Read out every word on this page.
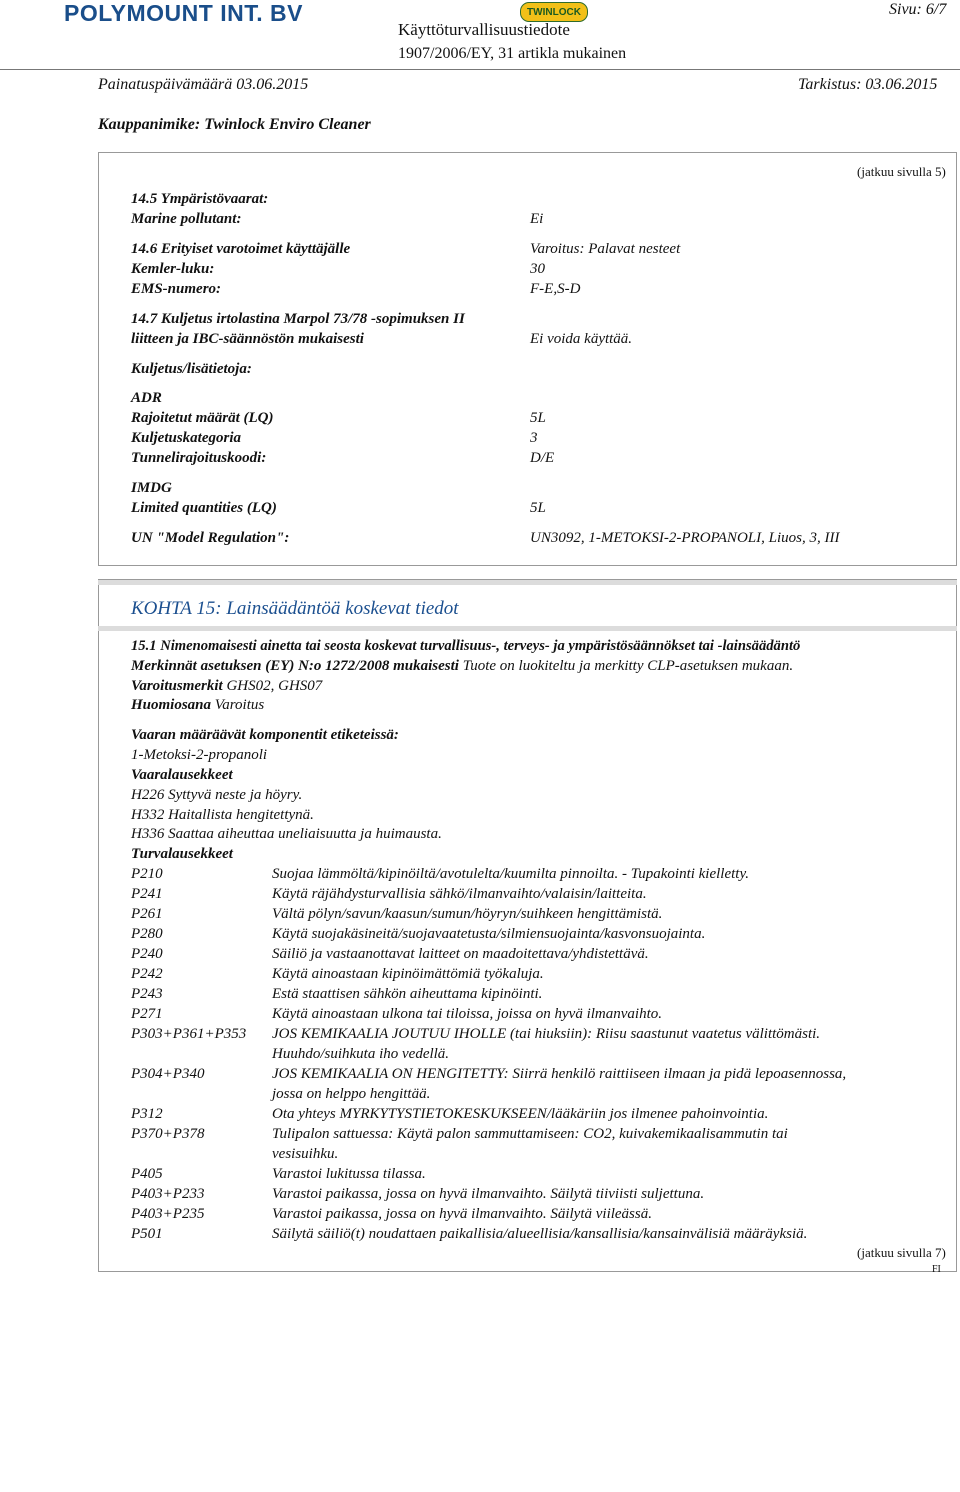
POLYMOUNT INT. BV	TWINLOCK
Käyttöturvallisuustiedote
1907/2006/EY, 31 artikla mukainen
Sivu: 6/7
Painatuspäivämäärä 03.06.2015	Tarkistus: 03.06.2015
Kauppanimike: Twinlock Enviro Cleaner
(jatkuu sivulla 5)
14.5 Ympäristövaarat:
Marine pollutant:	Ei
14.6 Erityiset varotoimet käyttäjälle	Varoitus: Palavat nesteet
Kemler-luku:	30
EMS-numero:	F-E,S-D
14.7 Kuljetus irtolastina Marpol 73/78 -sopimuksen II
liitteen ja IBC-säännöstön mukaisesti	Ei voida käyttää.
Kuljetus/lisätietoja:
ADR
Rajoitetut määrät (LQ)	5L
Kuljetuskategoria	3
Tunnelirajoituskoodi:	D/E
IMDG
Limited quantities (LQ)	5L
UN "Model Regulation":	UN3092, 1-METOKSI-2-PROPANOLI, Liuos, 3, III
KOHTA 15: Lainsäädäntöä koskevat tiedot
15.1 Nimenomaisesti ainetta tai seosta koskevat turvallisuus-, terveys- ja ympäristösäännökset tai -lainsäädäntö
Merkinnät asetuksen (EY) N:o 1272/2008 mukaisesti Tuote on luokiteltu ja merkitty CLP-asetuksen mukaan.
Varoitusmerkit GHS02, GHS07
Huomiosana Varoitus
Vaaran määräävät komponentit etiketeissä:
1-Metoksi-2-propanoli
Vaaralausekkeet
H226 Syttyvä neste ja höyry.
H332 Haitallista hengitettynä.
H336 Saattaa aiheuttaa uneliaisuutta ja huimausta.
Turvalausekkeet
P210	Suojaa lämmöltä/kipinöiltä/avotulelta/kuumilta pinnoilta. - Tupakointi kielletty.
P241	Käytä räjähdysturvallisia sähkö/ilmanvaihto/valaisin/laitteita.
P261	Vältä pölyn/savun/kaasun/sumun/höyryn/suihkeen hengittämistä.
P280	Käytä suojakäsineitä/suojavaatetusta/silmiensuojainta/kasvonsuojainta.
P240	Säiliö ja vastaanottavat laitteet on maadoitettava/yhdistettävä.
P242	Käytä ainoastaan kipinöimättömiä työkaluja.
P243	Estä staattisen sähkön aiheuttama kipinöinti.
P271	Käytä ainoastaan ulkona tai tiloissa, joissa on hyvä ilmanvaihto.
P303+P361+P353 JOS KEMIKAALIA JOUTUU IHOLLE (tai hiuksiin): Riisu saastunut vaatetus välittömästi.
Huuhdo/suihkuta iho vedellä.
P304+P340	JOS KEMIKAALIA ON HENGITETTY: Siirrä henkilö raittiiseen ilmaan ja pidä lepoasennossa,
jossa on helppo hengittää.
P312	Ota yhteys MYRKYTYSTIETOKESKUKSEEN/lääkäriin jos ilmenee pahoinvointia.
P370+P378	Tulipalon sattuessa: Käytä palon sammuttamiseen: CO2, kuivakemikaalisammutin tai
vesisuihku.
P405	Varastoi lukitussa tilassa.
P403+P233	Varastoi paikassa, jossa on hyvä ilmanvaihto. Säilytä tiiviisti suljettuna.
P403+P235	Varastoi paikassa, jossa on hyvä ilmanvaihto. Säilytä viileässä.
P501	Säilytä säiliö(t) noudattaen paikallisia/alueellisia/kansallisia/kansainvälisiä määräyksiä.
(jatkuu sivulla 7)
FI
